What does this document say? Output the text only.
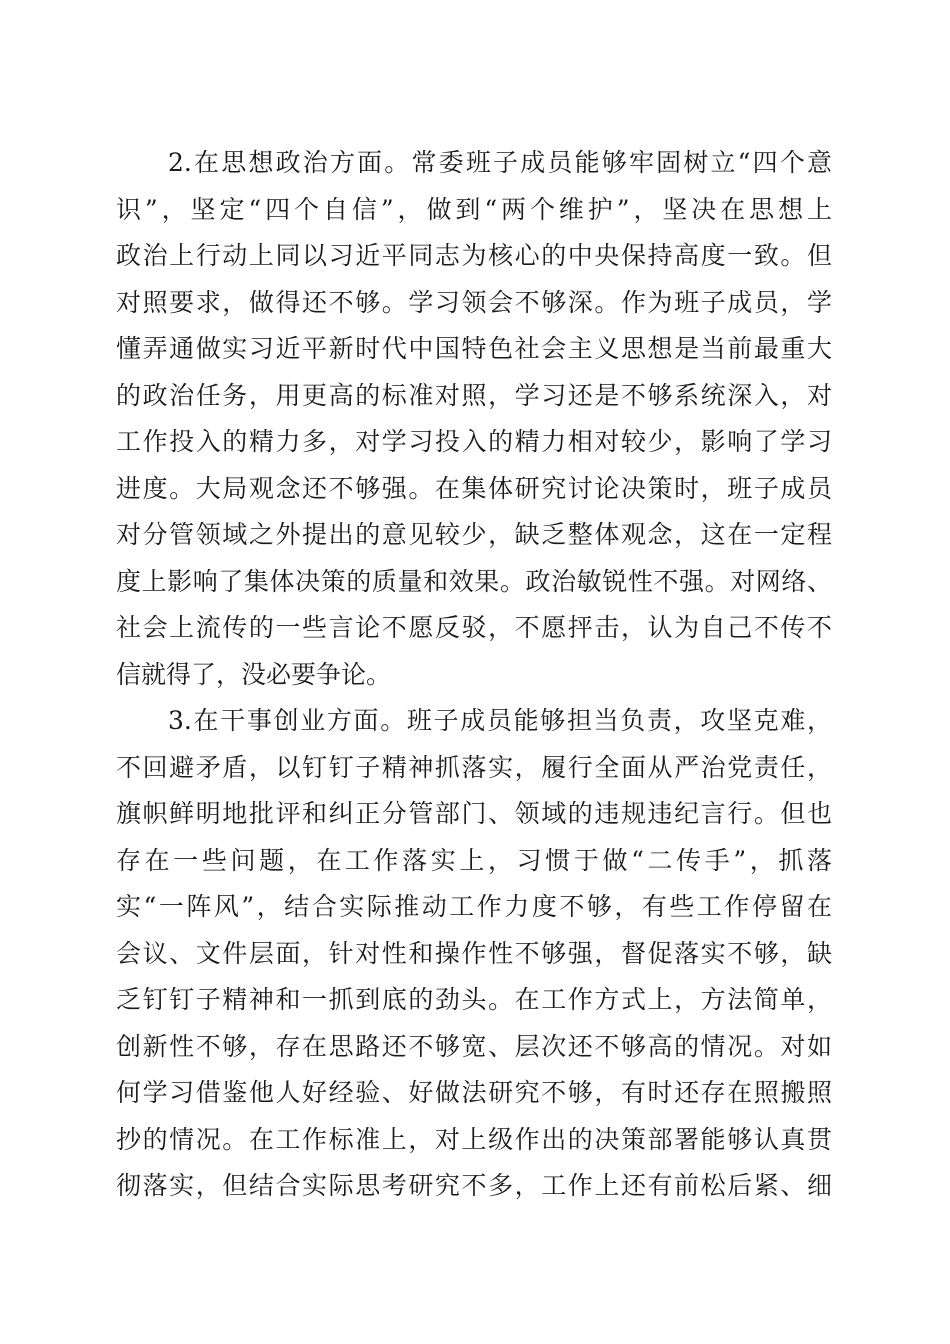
2.在思想政治方面。常委班子成员能够牢固树立“四个意
识”，坚定“四个自信”，做到“两个维护”，坚决在思想上
政治上行动上同以习近平同志为核心的中央保持高度一致。但
对照要求，做得还不够。学习领会不够深。作为班子成员，学
懂弄通做实习近平新时代中国特色社会主义思想是当前最重大
的政治任务，用更高的标准对照，学习还是不够系统深入，对
工作投入的精力多，对学习投入的精力相对较少，影响了学习
进度。大局观念还不够强。在集体研究讨论决策时，班子成员
对分管领域之外提出的意见较少，缺乏整体观念，这在一定程
度上影响了集体决策的质量和效果。政治敏锐性不强。对网络、
社会上流传的一些言论不愿反驳，不愿抨击，认为自己不传不
信就得了，没必要争论。
3.在干事创业方面。班子成员能够担当负责，攻坚克难，
不回避矛盾，以钉钉子精神抓落实，履行全面从严治党责任，
旗帜鲜明地批评和纠正分管部门、领域的违规违纪言行。但也
存在一些问题，在工作落实上，习惯于做“二传手”，抓落
实“一阵风”，结合实际推动工作力度不够，有些工作停留在
会议、文件层面，针对性和操作性不够强，督促落实不够，缺
乏钉钉子精神和一抓到底的劲头。在工作方式上，方法简单，
创新性不够，存在思路还不够宽、层次还不够高的情况。对如
何学习借鉴他人好经验、好做法研究不够，有时还存在照搬照
抄的情况。在工作标准上，对上级作出的决策部署能够认真贯
彻落实，但结合实际思考研究不多，工作上还有前松后紧、细
